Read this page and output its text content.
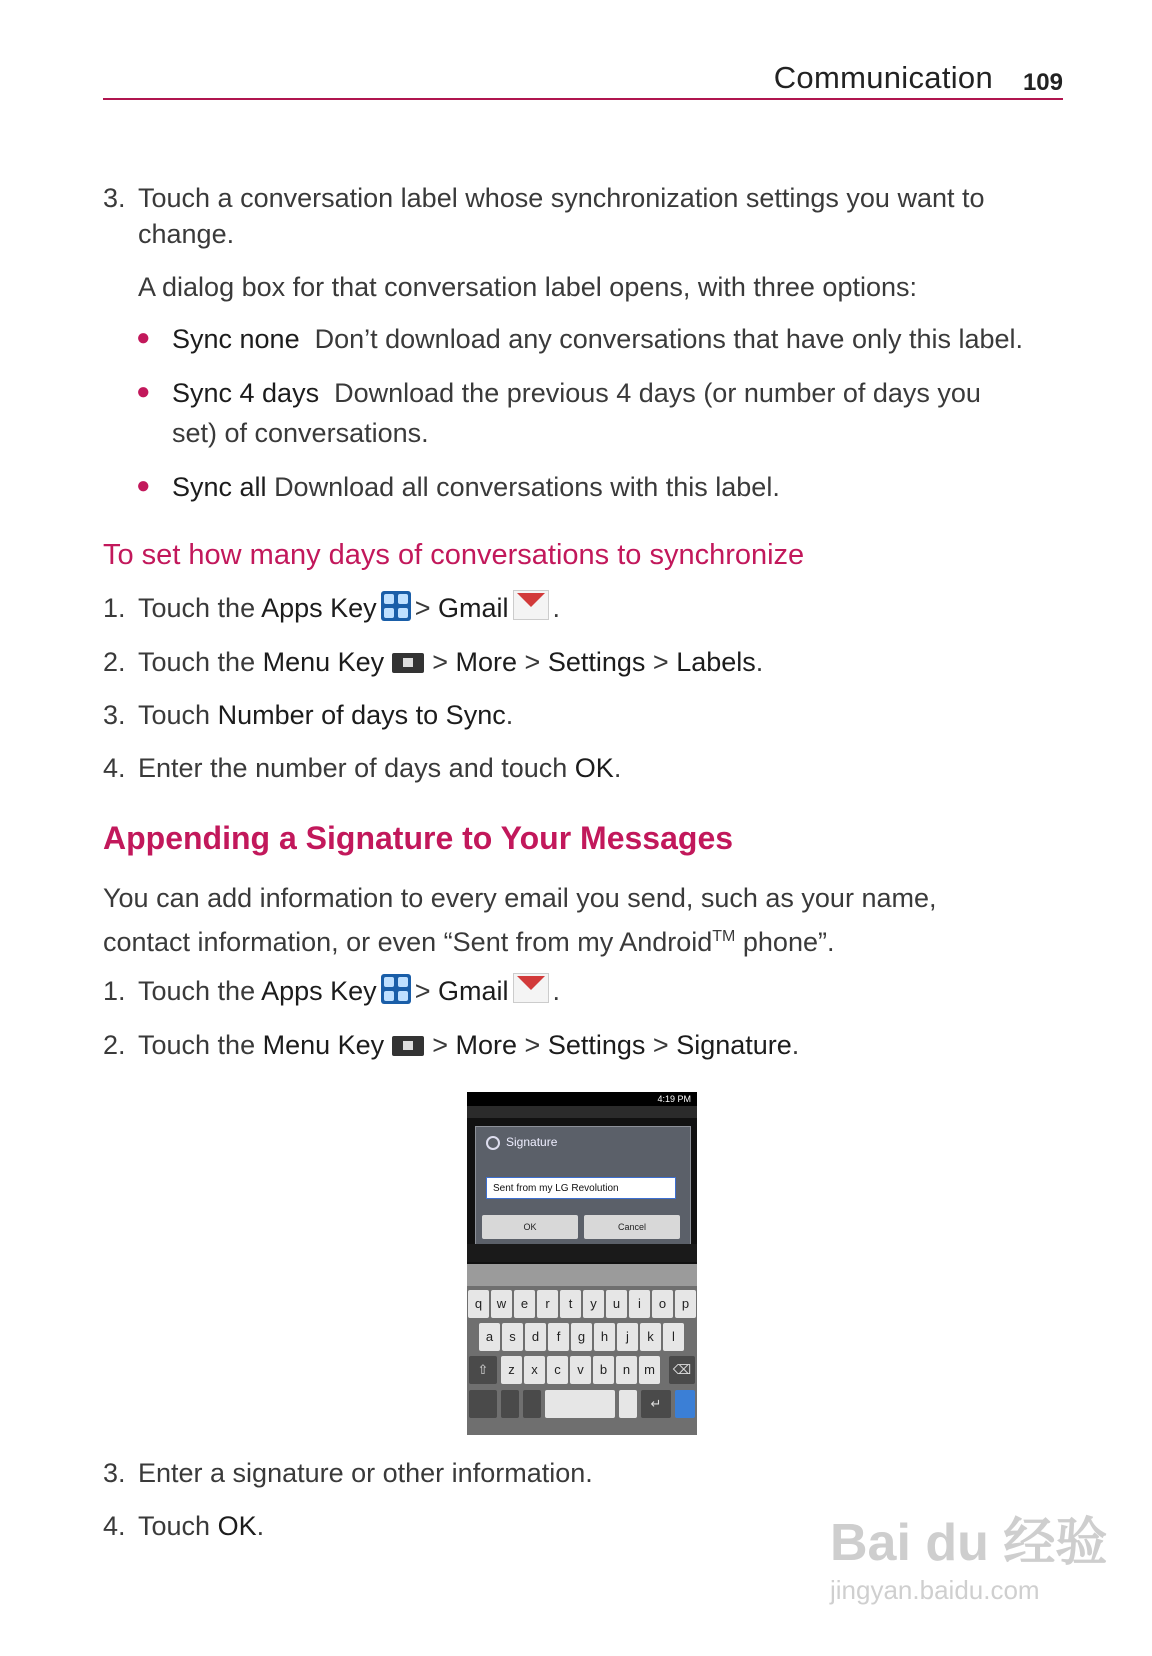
Communication 109
3. Touch a conversation label whose synchronization settings you want to
change.
A dialog box for that conversation label opens, with three options:
● Sync none Don’t download any conversations that have only this label.
● Sync 4 days Download the previous 4 days (or number of days you
set) of conversations.
● Sync all Download all conversations with this label.
To set how many days of conversations to synchronize
1. Touch the Apps Key > Gmail .
2. Touch the Menu Key > More > Settings > Labels.
3. Touch Number of days to Sync.
4. Enter the number of days and touch OK.
Appending a Signature to Your Messages
You can add information to every email you send, such as your name,
contact information, or even “Sent from my Android™ phone”.
1. Touch the Apps Key > Gmail .
2. Touch the Menu Key > More > Settings > Signature.
4:19 PM
Signature
Sent from my LG Revolution
OK	Cancel
q	w	e	r	t	y	u	i	o	p
a	s	d	f	g	h	j	k	l
z	x	c	v	b	n	m
⇧	⌫
↵
3. Enter a signature or other information.
4. Touch OK.	Bai du 经验
jingyan.baidu.com
